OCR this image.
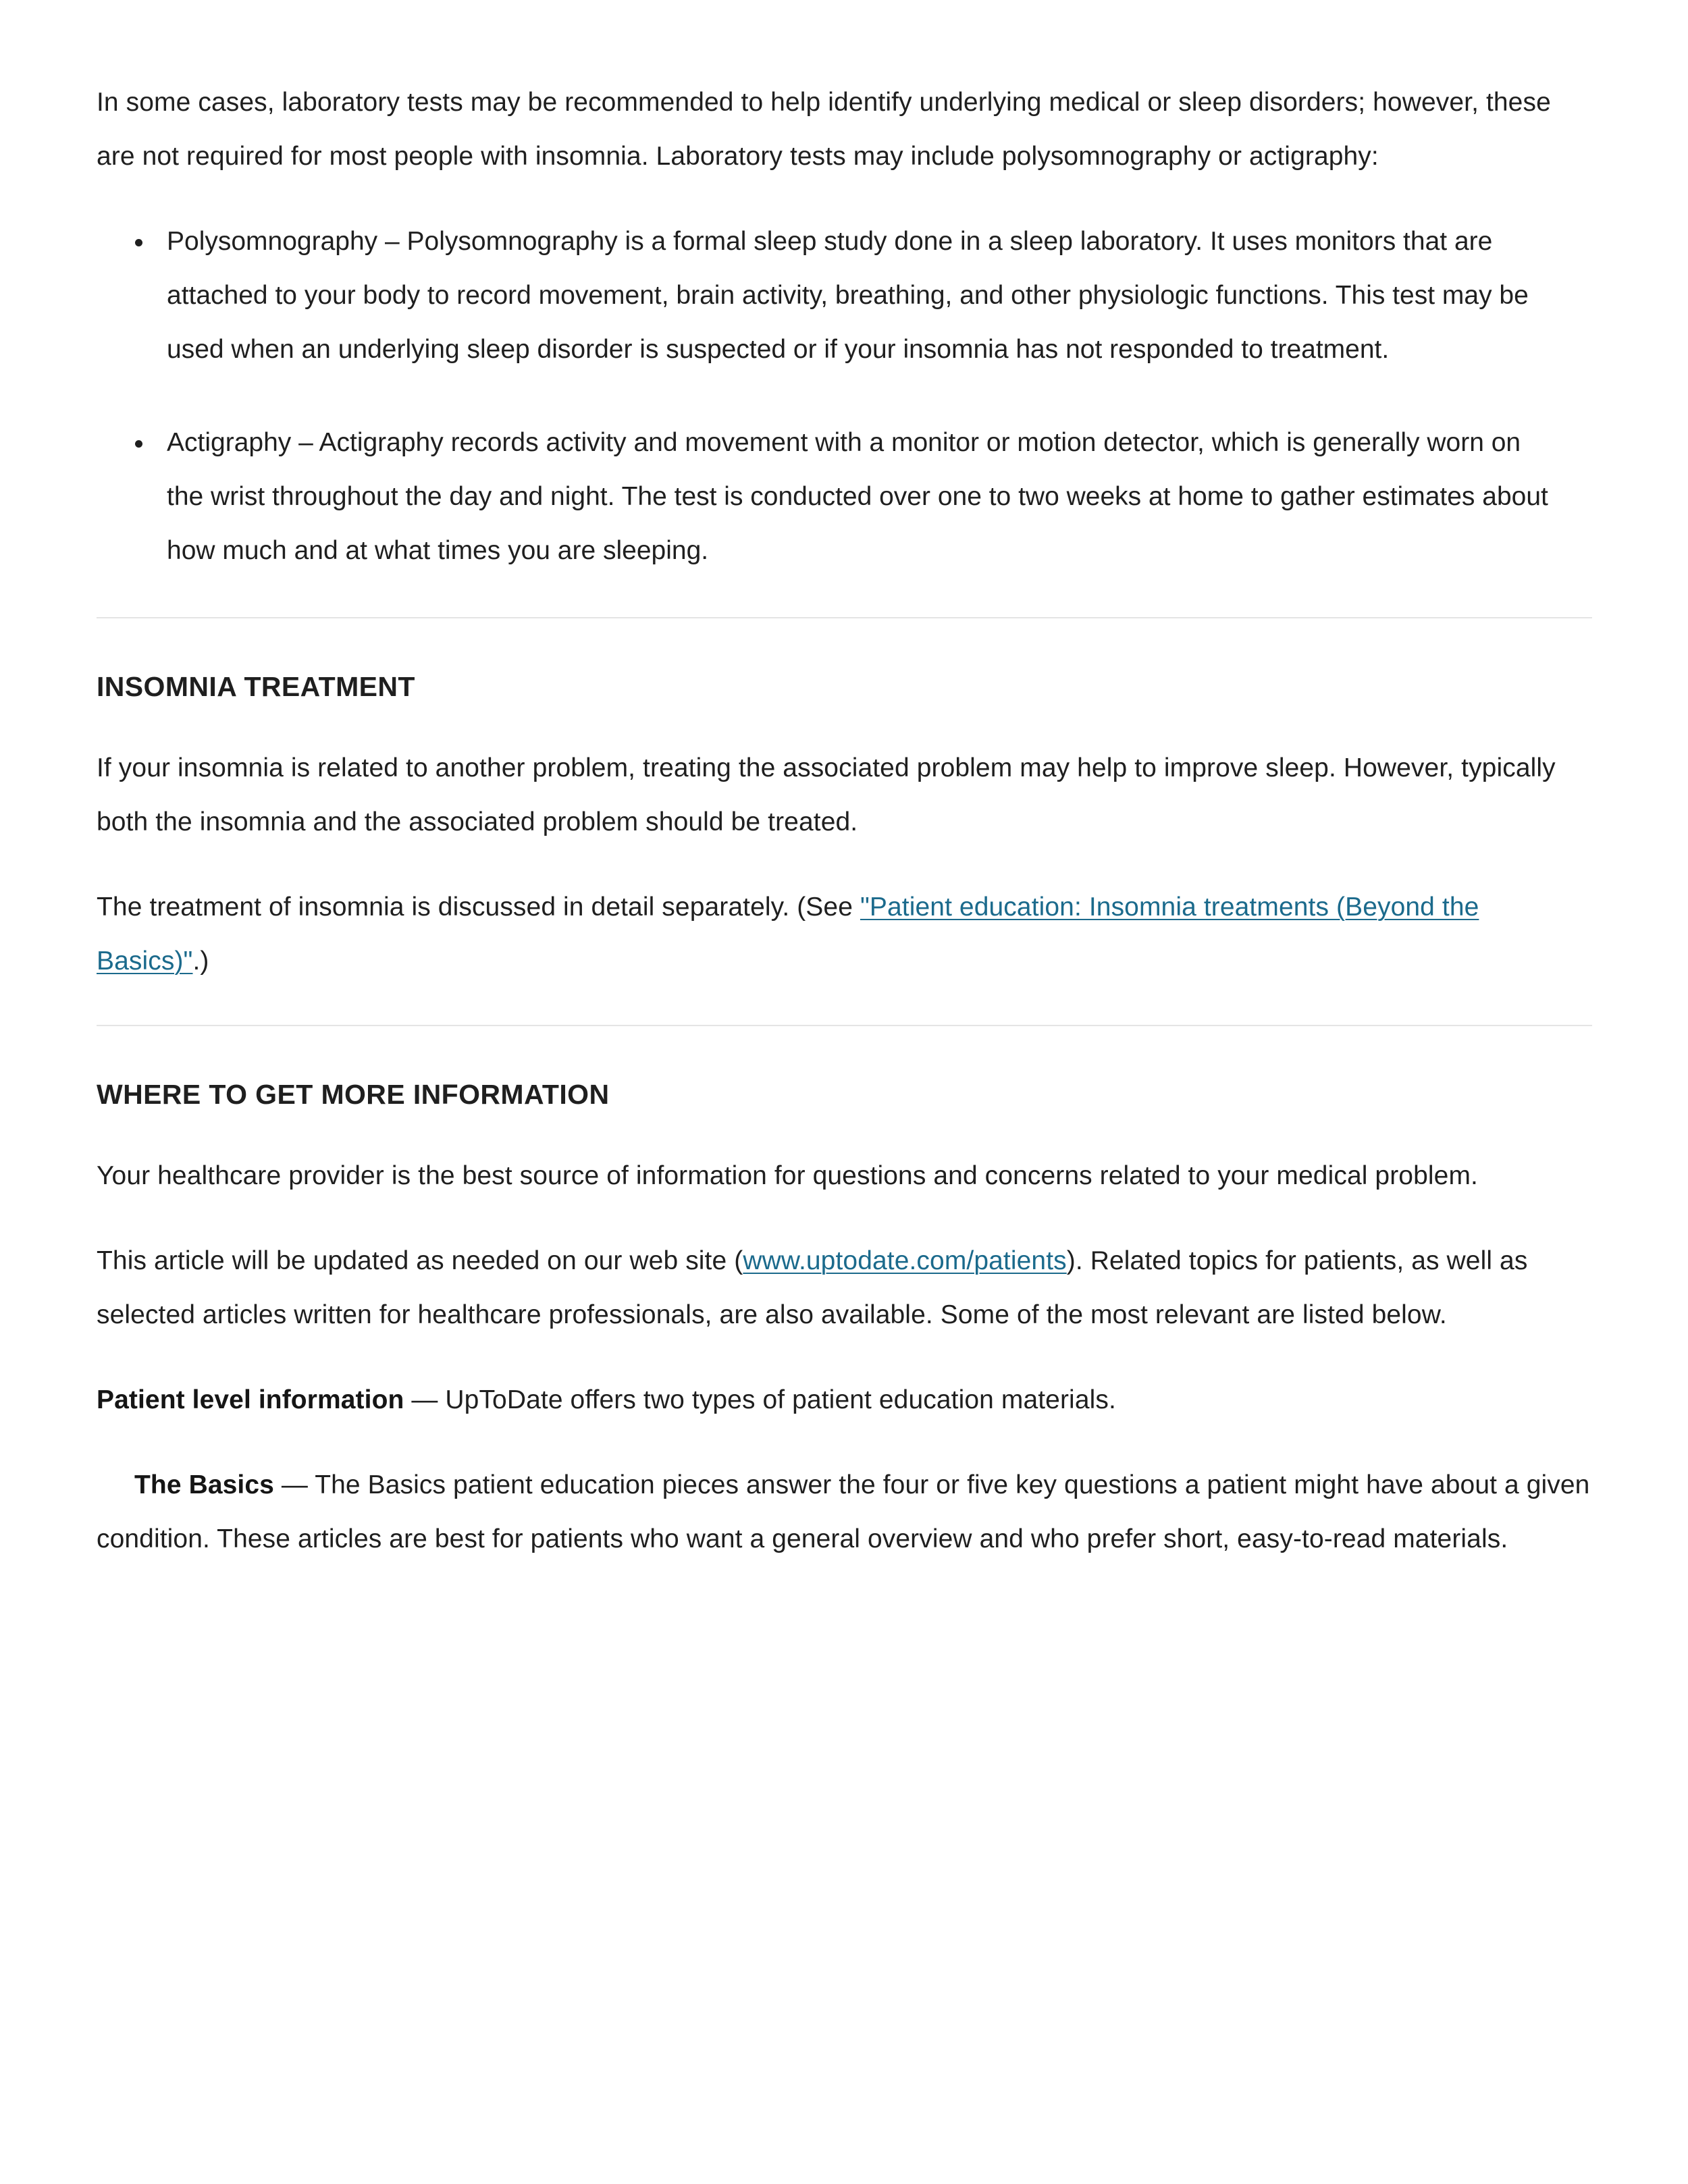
In some cases, laboratory tests may be recommended to help identify underlying medical or sleep disorders; however, these are not required for most people with insomnia. Laboratory tests may include polysomnography or actigraphy:

Polysomnography – Polysomnography is a formal sleep study done in a sleep laboratory. It uses monitors that are attached to your body to record movement, brain activity, breathing, and other physiologic functions. This test may be used when an underlying sleep disorder is suspected or if your insomnia has not responded to treatment.
Actigraphy – Actigraphy records activity and movement with a monitor or motion detector, which is generally worn on the wrist throughout the day and night. The test is conducted over one to two weeks at home to gather estimates about how much and at what times you are sleeping.
INSOMNIA TREATMENT

If your insomnia is related to another problem, treating the associated problem may help to improve sleep. However, typically both the insomnia and the associated problem should be treated.

The treatment of insomnia is discussed in detail separately. (See "Patient education: Insomnia treatments (Beyond the Basics)".)

WHERE TO GET MORE INFORMATION

Your healthcare provider is the best source of information for questions and concerns related to your medical problem.

This article will be updated as needed on our web site (www.uptodate.com/patients). Related topics for patients, as well as selected articles written for healthcare professionals, are also available. Some of the most relevant are listed below.

Patient level information — UpToDate offers two types of patient education materials.

The Basics — The Basics patient education pieces answer the four or five key questions a patient might have about a given condition. These articles are best for patients who want a general overview and who prefer short, easy-to-read materials.
